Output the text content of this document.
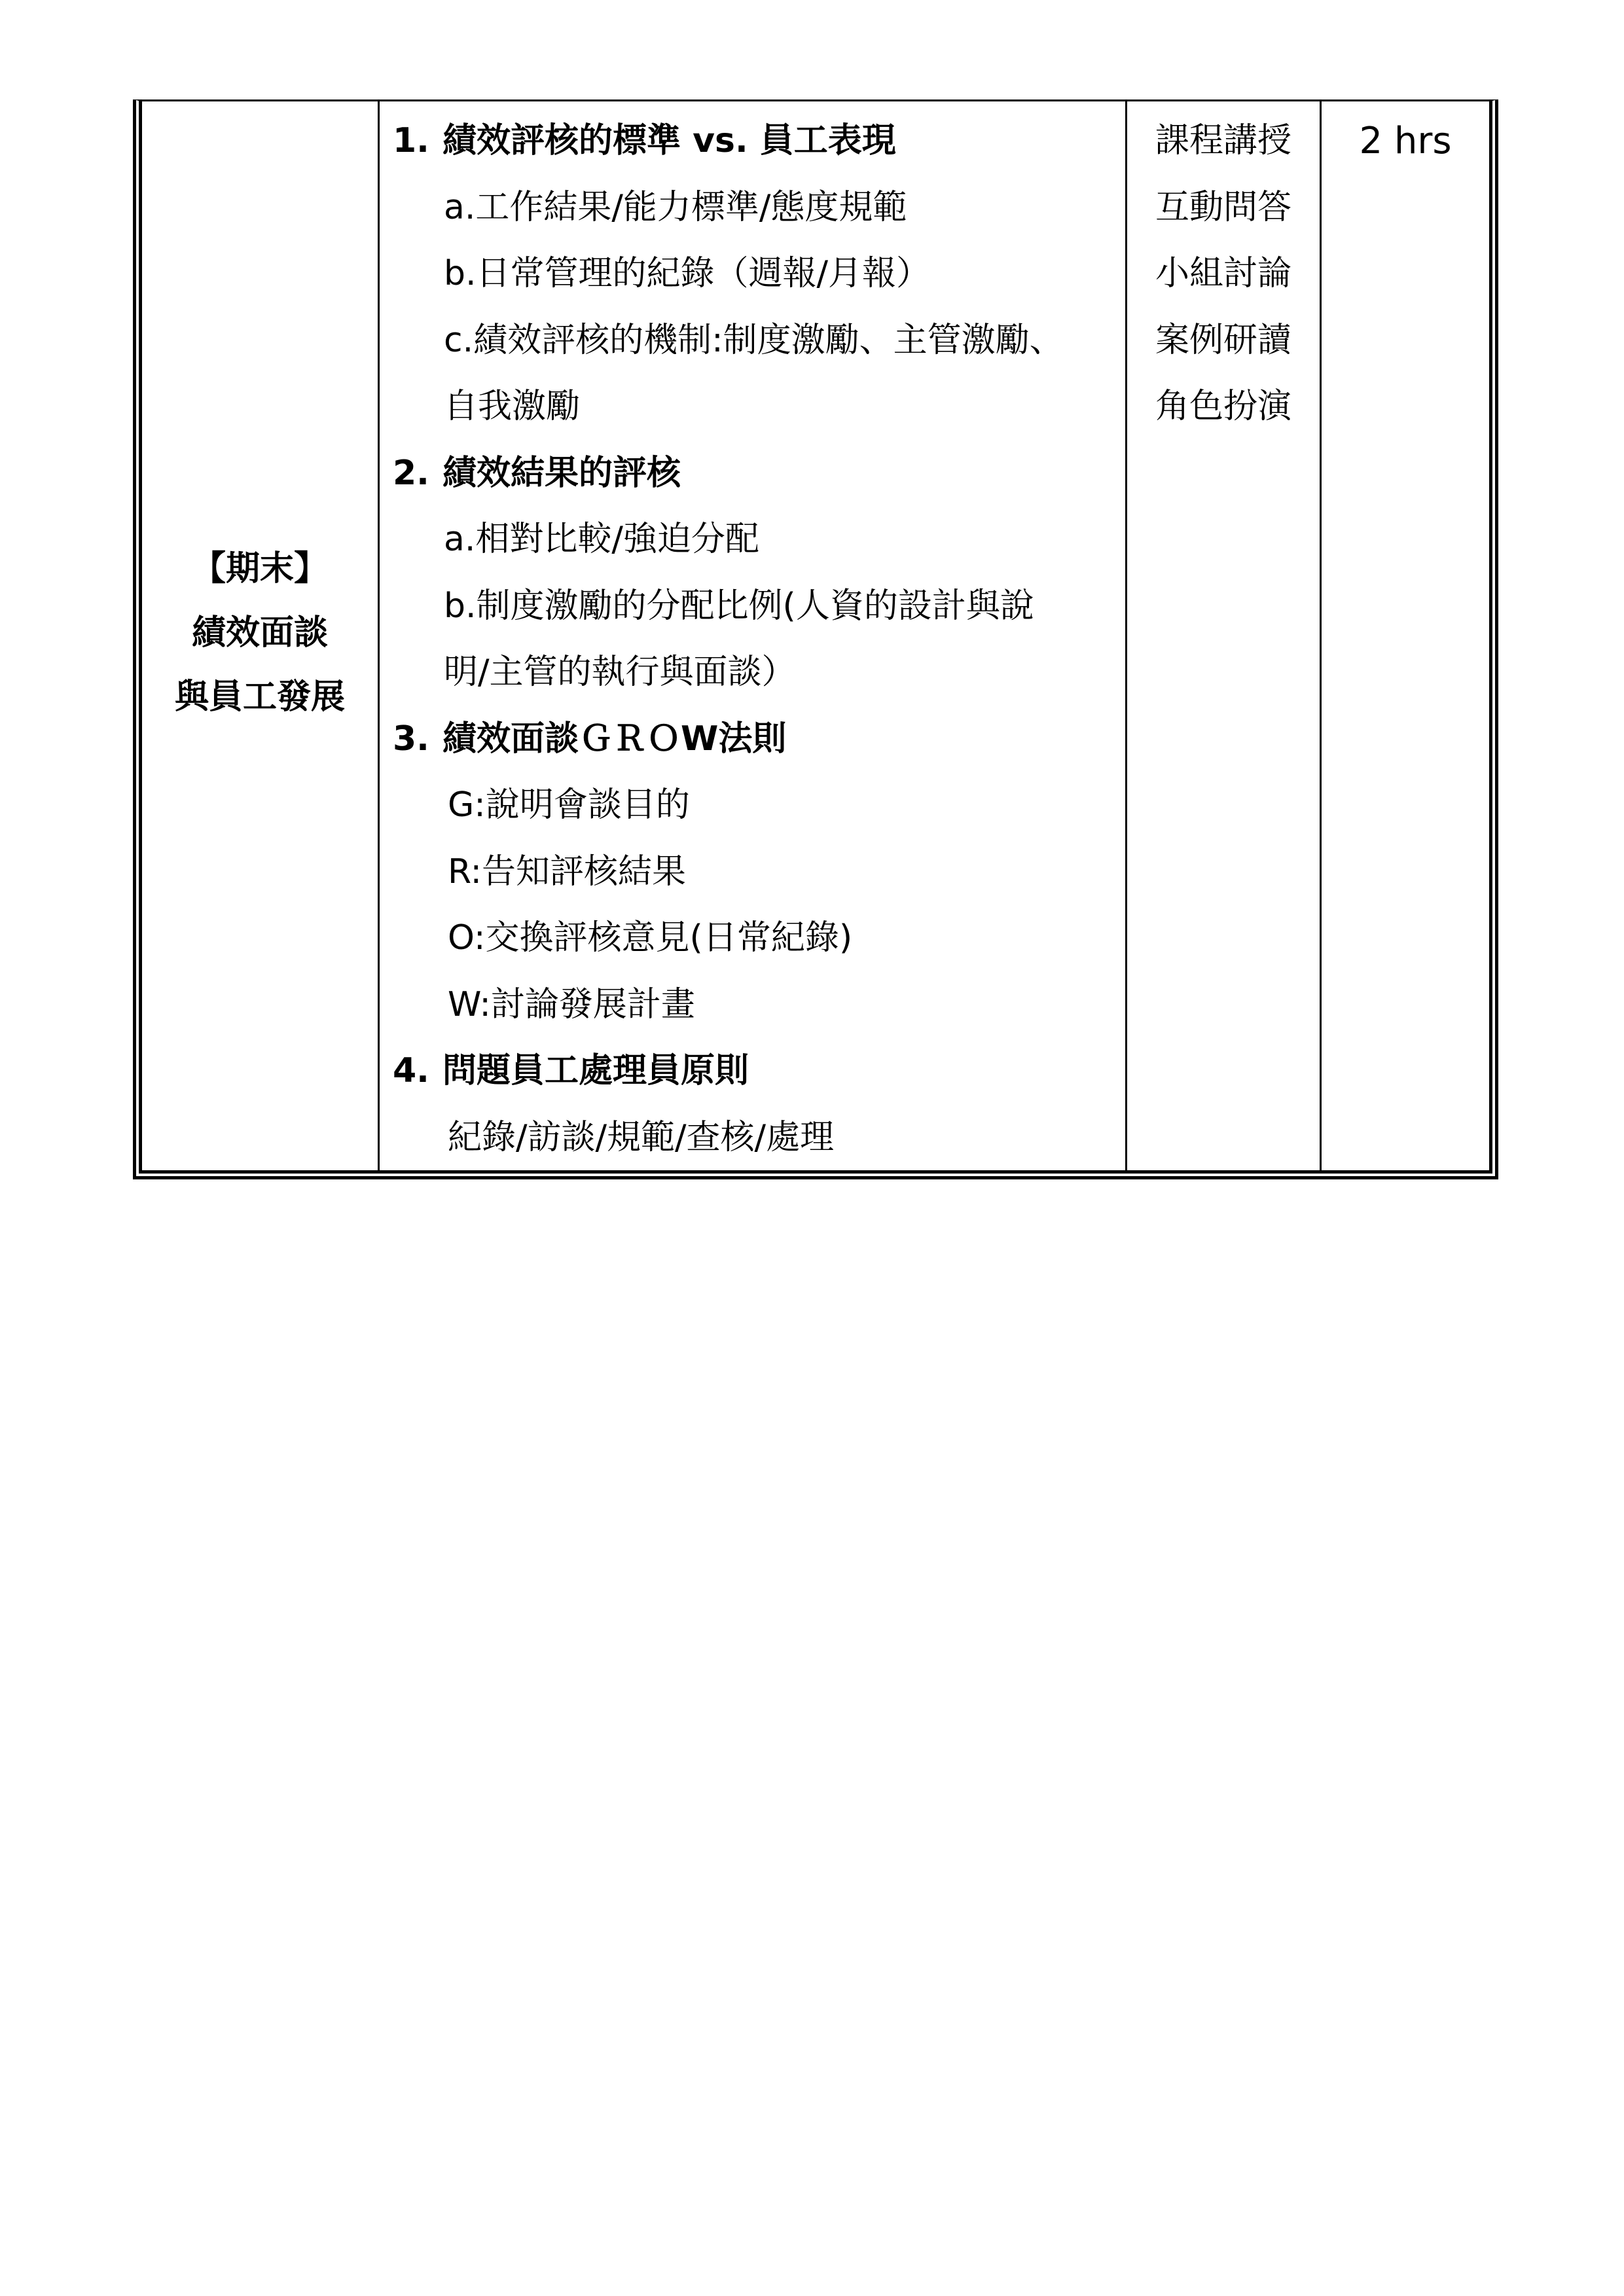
【期末】
績效面談
與員工發展
1. 績效評核的標準 vs. 員工表現
a.工作結果/能力標準/態度規範
b.日常管理的紀錄（週報/月報）
c.績效評核的機制:制度激勵、主管激勵、
自我激勵
2. 績效結果的評核
a.相對比較/強迫分配
b.制度激勵的分配比例(人資的設計與說
明/主管的執行與面談）
3. 績效面談ＧＲＯW法則
G:說明會談目的
R:告知評核結果
O:交換評核意見(日常紀錄)
W:討論發展計畫
4. 問題員工處理員原則
紀錄/訪談/規範/查核/處理
課程講授
互動問答
小組討論
案例研讀
角色扮演
2 hrs
